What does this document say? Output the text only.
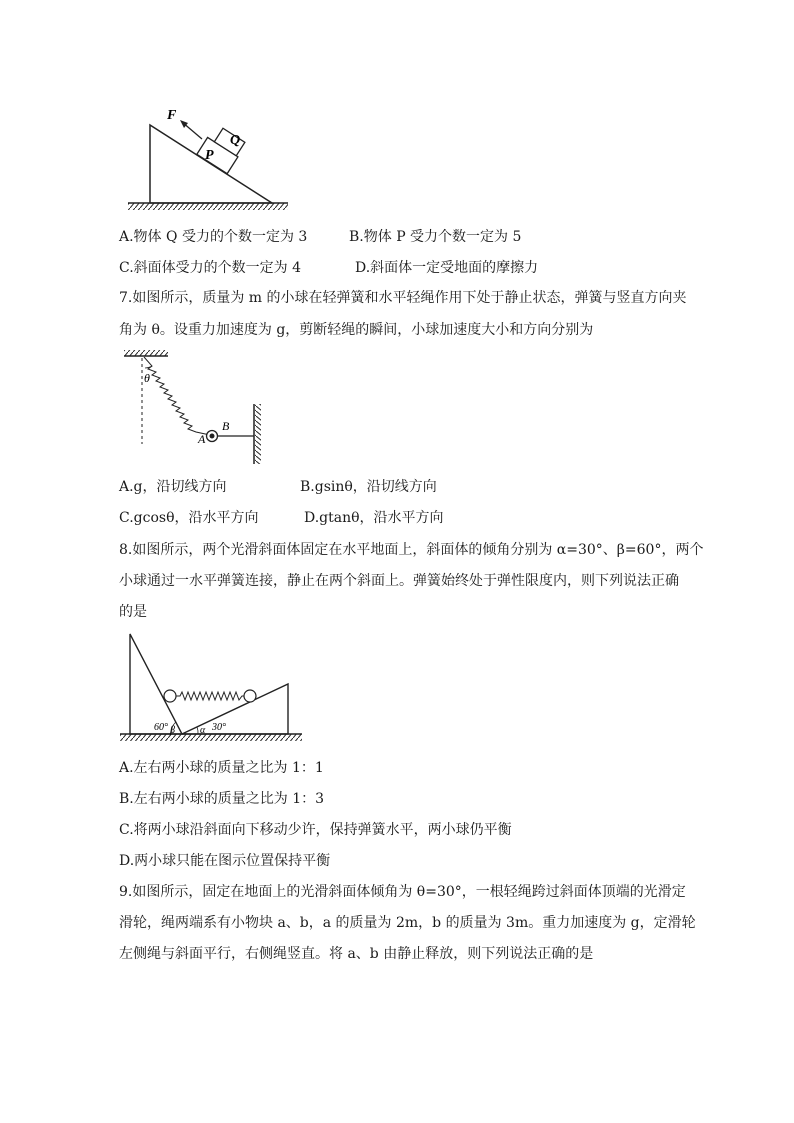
F
Q
P
A.物体 Q 受力的个数一定为 3	B.物体 P 受力个数一定为 5
C.斜面体受力的个数一定为 4	D.斜面体一定受地面的摩擦力
7.如图所示，质量为 m 的小球在轻弹簧和水平轻绳作用下处于静止状态，弹簧与竖直方向夹
角为 θ。设重力加速度为 g，剪断轻绳的瞬间，小球加速度大小和方向分别为
θ
A
B
A.g，沿切线方向	B.gsinθ，沿切线方向
C.gcosθ，沿水平方向	D.gtanθ，沿水平方向
8.如图所示，两个光滑斜面体固定在水平地面上，斜面体的倾角分别为 α=30°、β=60°，两个
小球通过一水平弹簧连接，静止在两个斜面上。弹簧始终处于弹性限度内，则下列说法正确
的是
60° β	α 30°
A.左右两小球的质量之比为 1：1
B.左右两小球的质量之比为 1：3
C.将两小球沿斜面向下移动少许，保持弹簧水平，两小球仍平衡
D.两小球只能在图示位置保持平衡
9.如图所示，固定在地面上的光滑斜面体倾角为 θ=30°，一根轻绳跨过斜面体顶端的光滑定
滑轮，绳两端系有小物块 a、b，a 的质量为 2m，b 的质量为 3m。重力加速度为 g，定滑轮
左侧绳与斜面平行，右侧绳竖直。将 a、b 由静止释放，则下列说法正确的是
